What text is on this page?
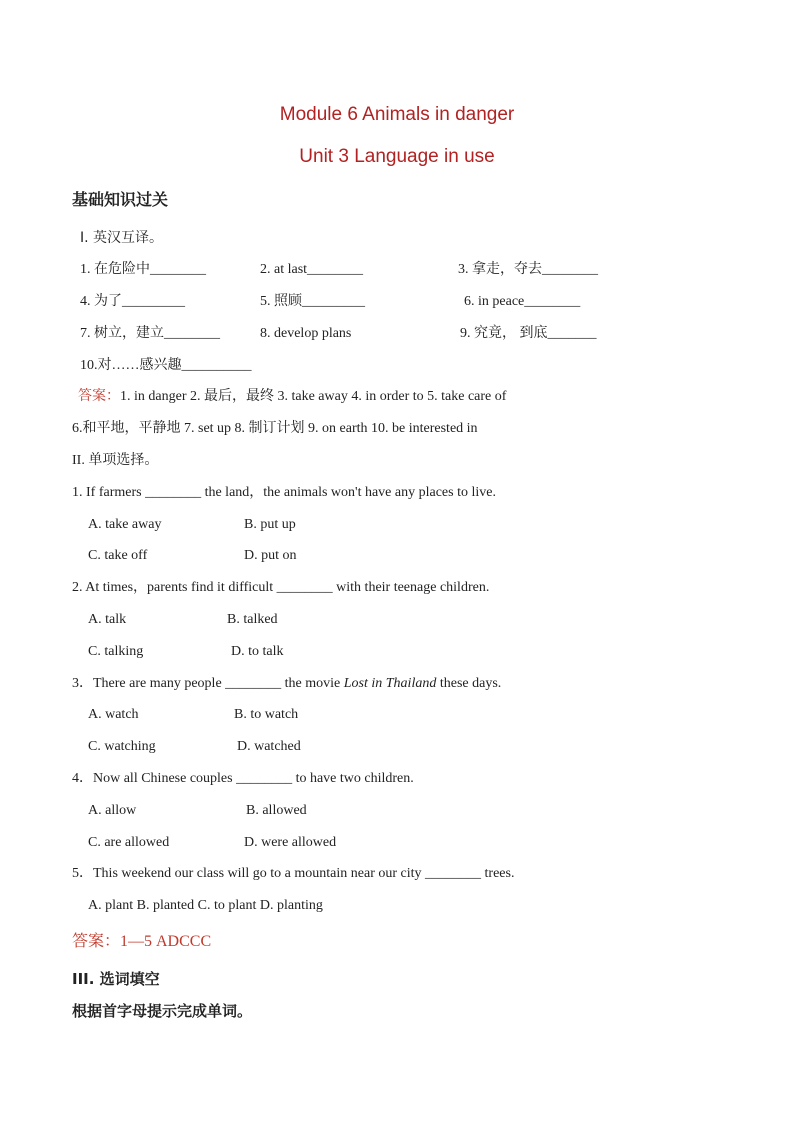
Module 6 Animals in danger
Unit 3 Language in use
基础知识过关
I. 英汉互译。
1. 在危险中________	2. at last________	3. 拿走，夺去________
4. 为了_________	5. 照顾_________	6. in peace________
7. 树立，建立________	8. develop plans	9. 究竟， 到底_______
10.对……感兴趣__________
答案：1. in danger 2. 最后，最终 3. take away 4. in order to 5. take care of
6.和平地，平静地 7. set up 8. 制订计划 9. on earth 10. be interested in
II. 单项选择。
1. If farmers ________ the land，the animals won't have any places to live.
A. take away	B. put up
C. take off	D. put on
2. At times，parents find it difficult ________ with their teenage children.
A. talk	B. talked
C. talking	D. to talk
3．There are many people ________ the movie Lost in Thailand these days.
A. watch	B. to watch
C. watching	D. watched
4．Now all Chinese couples ________ to have two children.
A. allow	B. allowed
C. are allowed	D. were allowed
5．This weekend our class will go to a mountain near our city ________ trees.
A. plant B. planted C. to plant D. planting
答案：1—5 ADCCC
III. 选词填空
根据首字母提示完成单词。
